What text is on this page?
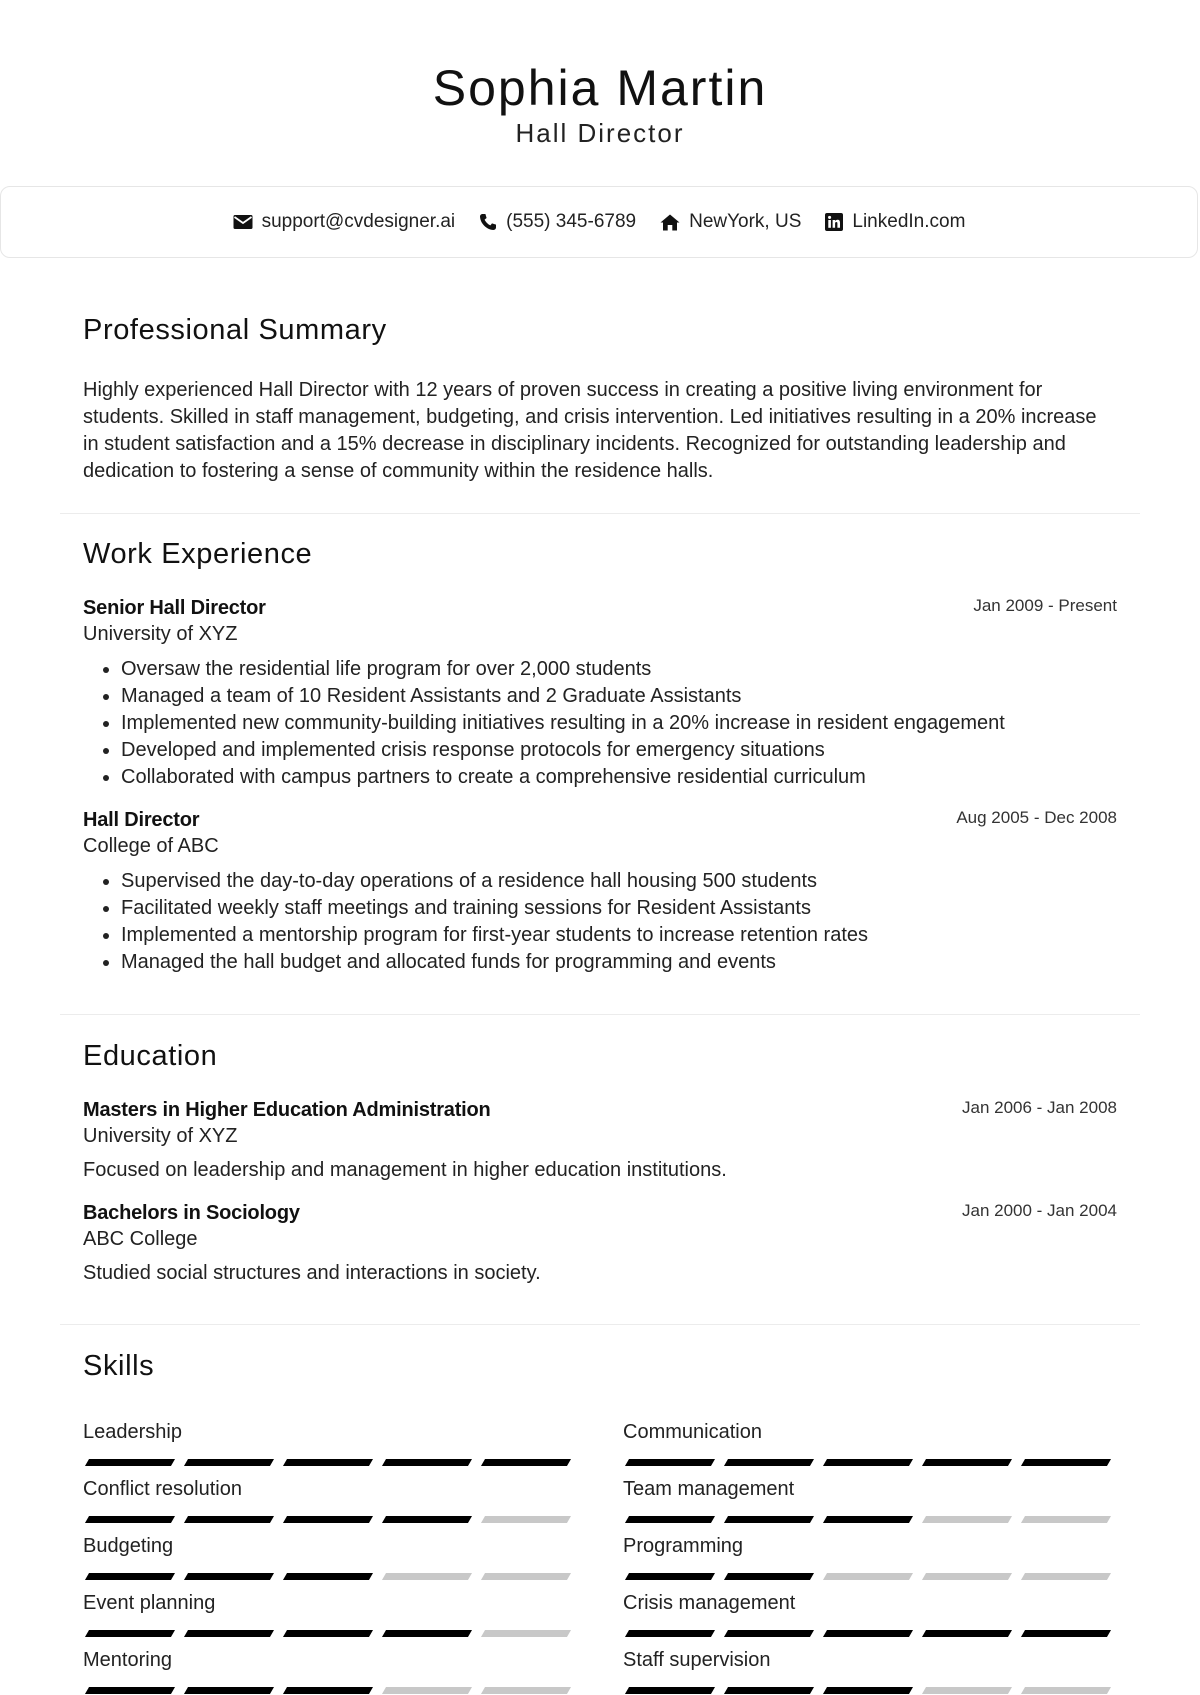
Sophia Martin
Hall Director
support@cvdesigner.ai	(555) 345-6789	NewYork, US	LinkedIn.com
Professional Summary
Highly experienced Hall Director with 12 years of proven success in creating a positive living environment for students. Skilled in staff management, budgeting, and crisis intervention. Led initiatives resulting in a 20% increase in student satisfaction and a 15% decrease in disciplinary incidents. Recognized for outstanding leadership and dedication to fostering a sense of community within the residence halls.
Work Experience
Senior Hall Director	Jan 2009 - Present
University of XYZ
• Oversaw the residential life program for over 2,000 students
• Managed a team of 10 Resident Assistants and 2 Graduate Assistants
• Implemented new community-building initiatives resulting in a 20% increase in resident engagement
• Developed and implemented crisis response protocols for emergency situations
• Collaborated with campus partners to create a comprehensive residential curriculum
Hall Director	Aug 2005 - Dec 2008
College of ABC
• Supervised the day-to-day operations of a residence hall housing 500 students
• Facilitated weekly staff meetings and training sessions for Resident Assistants
• Implemented a mentorship program for first-year students to increase retention rates
• Managed the hall budget and allocated funds for programming and events
Education
Masters in Higher Education Administration	Jan 2006 - Jan 2008
University of XYZ
Focused on leadership and management in higher education institutions.
Bachelors in Sociology	Jan 2000 - Jan 2004
ABC College
Studied social structures and interactions in society.
Skills
Leadership	Communication
Conflict resolution	Team management
Budgeting	Programming
Event planning	Crisis management
Mentoring	Staff supervision
